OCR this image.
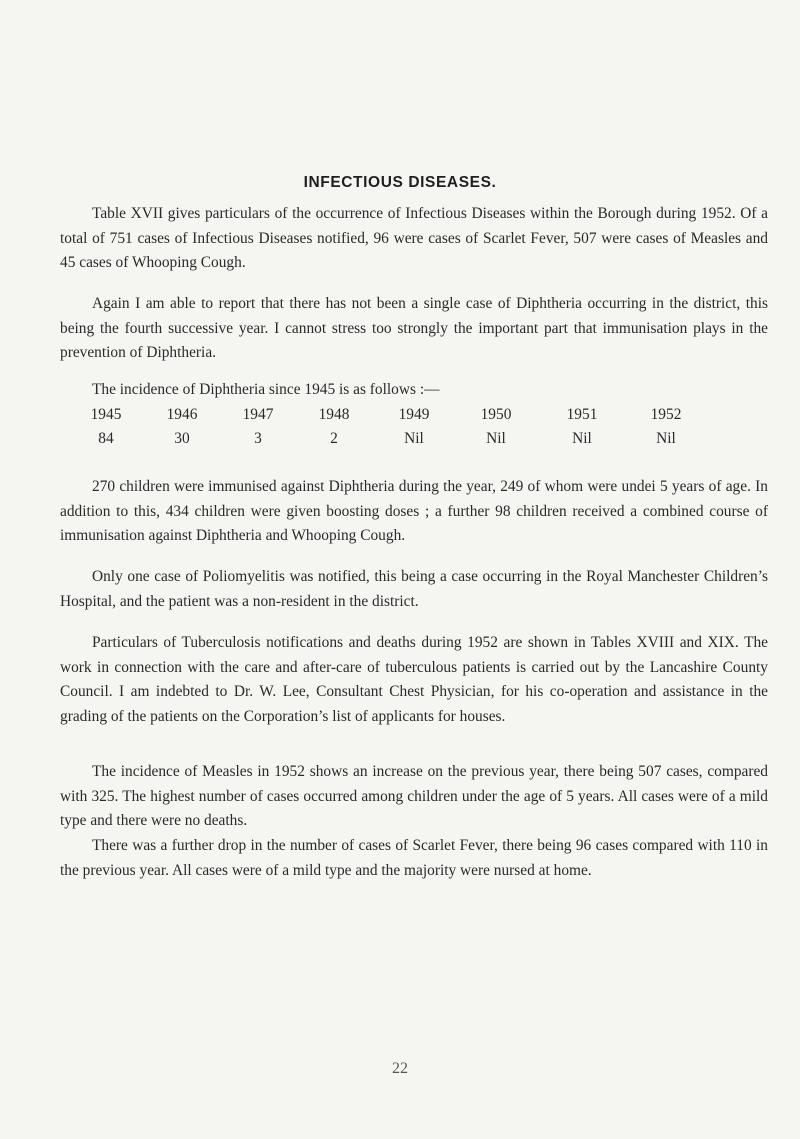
INFECTIOUS DISEASES.

Table XVII gives particulars of the occurrence of Infectious Diseases within the Borough during 1952. Of a total of 751 cases of Infectious Diseases notified, 96 were cases of Scarlet Fever, 507 were cases of Measles and 45 cases of Whooping Cough.

Again I am able to report that there has not been a single case of Diphtheria occurring in the district, this being the fourth successive year. I cannot stress too strongly the important part that immunisation plays in the prevention of Diphtheria.

The incidence of Diphtheria since 1945 is as follows :—
1945	1946	1947	1948	1949	1950	1951	1952
84	30	3	2	Nil	Nil	Nil	Nil

270 children were immunised against Diphtheria during the year, 249 of whom were undei 5 years of age. In addition to this, 434 children were given boosting doses ; a further 98 children received a combined course of immunisation against Diphtheria and Whooping Cough.

Only one case of Poliomyelitis was notified, this being a case occurring in the Royal Manchester Children’s Hospital, and the patient was a non-resident in the district.

Particulars of Tuberculosis notifications and deaths during 1952 are shown in Tables XVIII and XIX. The work in connection with the care and after-care of tuberculous patients is carried out by the Lancashire County Council. I am indebted to Dr. W. Lee, Consultant Chest Physician, for his co-operation and assistance in the grading of the patients on the Corporation’s list of applicants for houses.

The incidence of Measles in 1952 shows an increase on the previous year, there being 507 cases, compared with 325. The highest number of cases occurred among children under the age of 5 years. All cases were of a mild type and there were no deaths.

There was a further drop in the number of cases of Scarlet Fever, there being 96 cases compared with 110 in the previous year. All cases were of a mild type and the majority were nursed at home.

22
